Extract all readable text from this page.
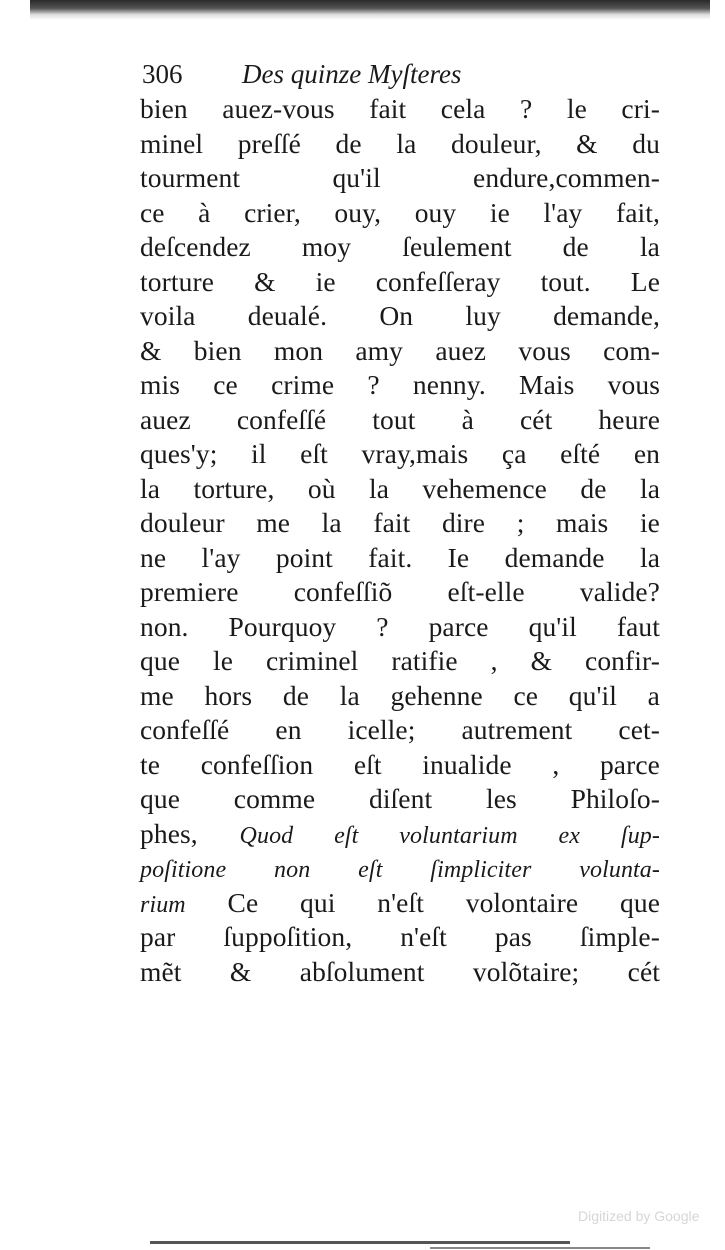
306 Des quinze Myſteres
bien auez-vous fait cela ? le cri-
minel preſſé de la douleur, & du
tourment qu'il endure,commen-
ce à crier, ouy, ouy ie l'ay fait,
deſcendez moy ſeulement de la
torture & ie confeſſeray tout. Le
voila deualé. On luy demande,
& bien mon amy auez vous com-
mis ce crime ? nenny. Mais vous
auez confeſſé tout à cét heure
ques'y; il eſt vray,mais ça eſté en
la torture, où la vehemence de la
douleur me la fait dire ; mais ie
ne l'ay point fait. Ie demande la
premiere confeſſiõ eſt-elle valide?
non. Pourquoy ? parce qu'il faut
que le criminel ratifie , & confir-
me hors de la gehenne ce qu'il a
confeſſé en icelle; autrement cet-
te confeſſion eſt inualide , parce
que comme diſent les Philoſo-
phes, Quod eſt voluntarium ex ſup-
poſitione non eſt ſimpliciter volunta-
rium Ce qui n'eſt volontaire que
par ſuppoſition, n'eſt pas ſimple-
mẽt & abſolument volõtaire; cét
Digitized by Google
